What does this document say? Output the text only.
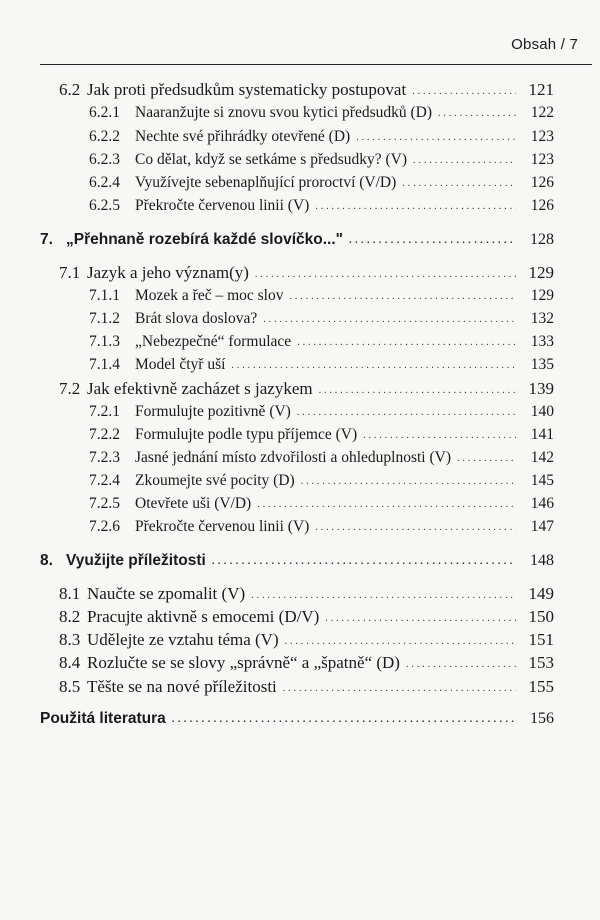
Obsah / 7
6.2 Jak proti předsudkům systematicky postupovat . . .	121
6.2.1 Naaranžujte si znovu svou kytici předsudků (D) . . .	122
6.2.2 Nechte své přihrádky otevřené (D) . . .	123
6.2.3 Co dělat, když se setkáme s předsudky? (V) . . .	123
6.2.4 Využívejte sebenaplňující proroctví (V/D) . . .	126
6.2.5 Překročte červenou linii (V) . . .	126
7. „Přehnaně rozebírá každé slovíčko..." . . .	128
7.1 Jazyk a jeho význam(y) . . .	129
7.1.1 Mozek a řeč – moc slov . . .	129
7.1.2 Brát slova doslova? . . .	132
7.1.3 „Nebezpečné“ formulace . . .	133
7.1.4 Model čtyř uší . . .	135
7.2 Jak efektivně zacházet s jazykem . . .	139
7.2.1 Formulujte pozitivně (V) . . .	140
7.2.2 Formulujte podle typu příjemce (V) . . .	141
7.2.3 Jasné jednání místo zdvořilosti a ohleduplnosti (V) . . .	142
7.2.4 Zkoumejte své pocity (D) . . .	145
7.2.5 Otevřete uši (V/D) . . .	146
7.2.6 Překročte červenou linii (V) . . .	147
8. Využijte příležitosti . . .	148
8.1 Naučte se zpomalit (V) . . .	149
8.2 Pracujte aktivně s emocemi (D/V) . . .	150
8.3 Udělejte ze vztahu téma (V) . . .	151
8.4 Rozlučte se se slovy „správně“ a „špatně“ (D) . . .	153
8.5 Těšte se na nové příležitosti . . .	155
Použitá literatura . . .	156
